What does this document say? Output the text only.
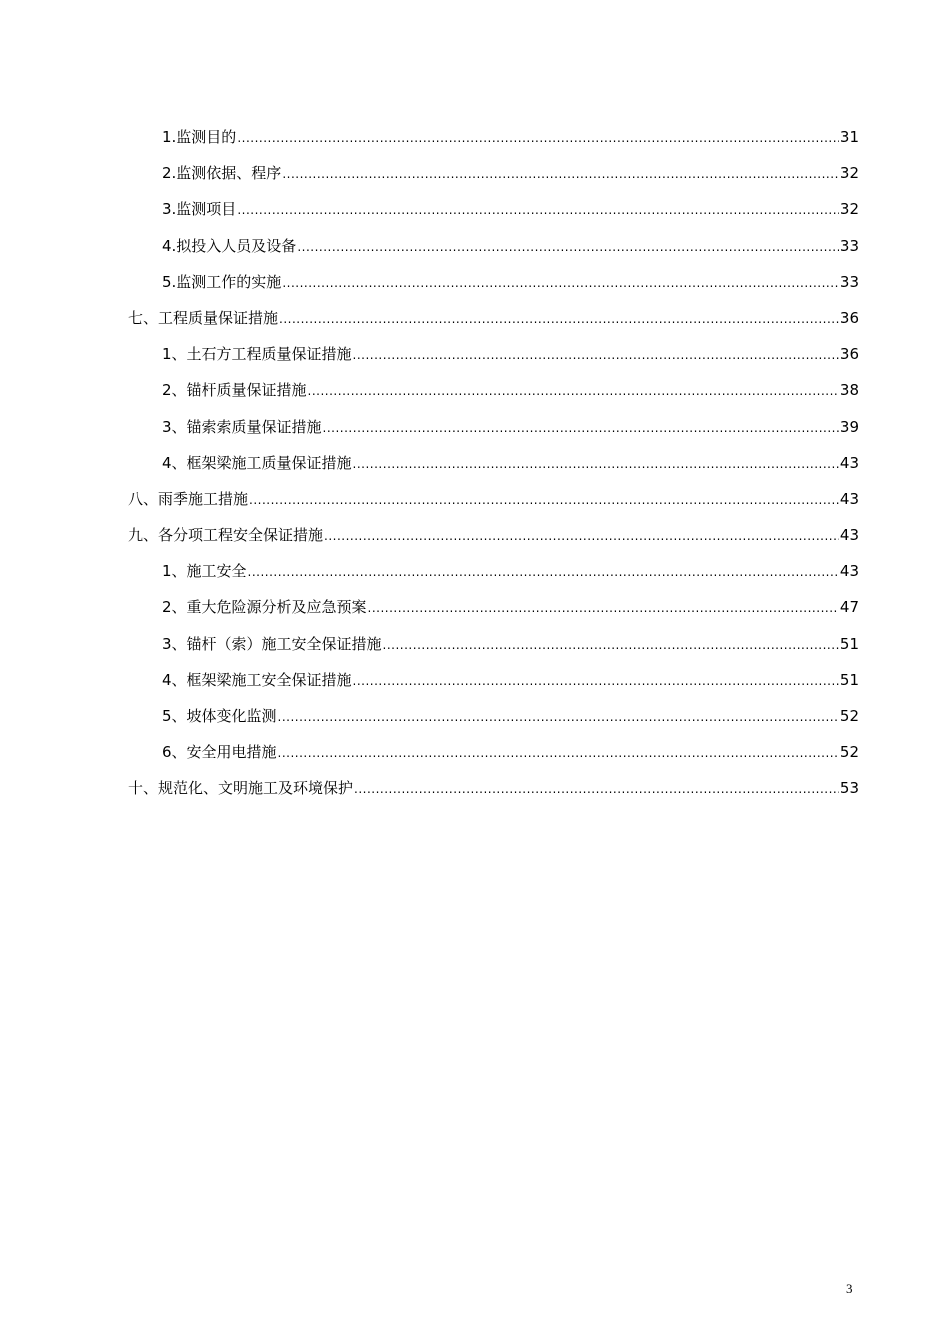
1.监测目的 .....	31
2.监测依据、程序 .....	32
3.监测项目 .....	32
4.拟投入人员及设备 .....	33
5.监测工作的实施 .....	33
七、工程质量保证措施 .....	36
1、土石方工程质量保证措施 .....	36
2、锚杆质量保证措施 .....	38
3、锚索索质量保证措施 .....	39
4、框架梁施工质量保证措施 .....	43
八、雨季施工措施 .....	43
九、各分项工程安全保证措施 .....	43
1、施工安全 .....	43
2、重大危险源分析及应急预案 .....	47
3、锚杆（索）施工安全保证措施 .....	51
4、框架梁施工安全保证措施 .....	51
5、坡体变化监测 .....	52
6、安全用电措施 .....	52
十、规范化、文明施工及环境保护 .....	53
3
